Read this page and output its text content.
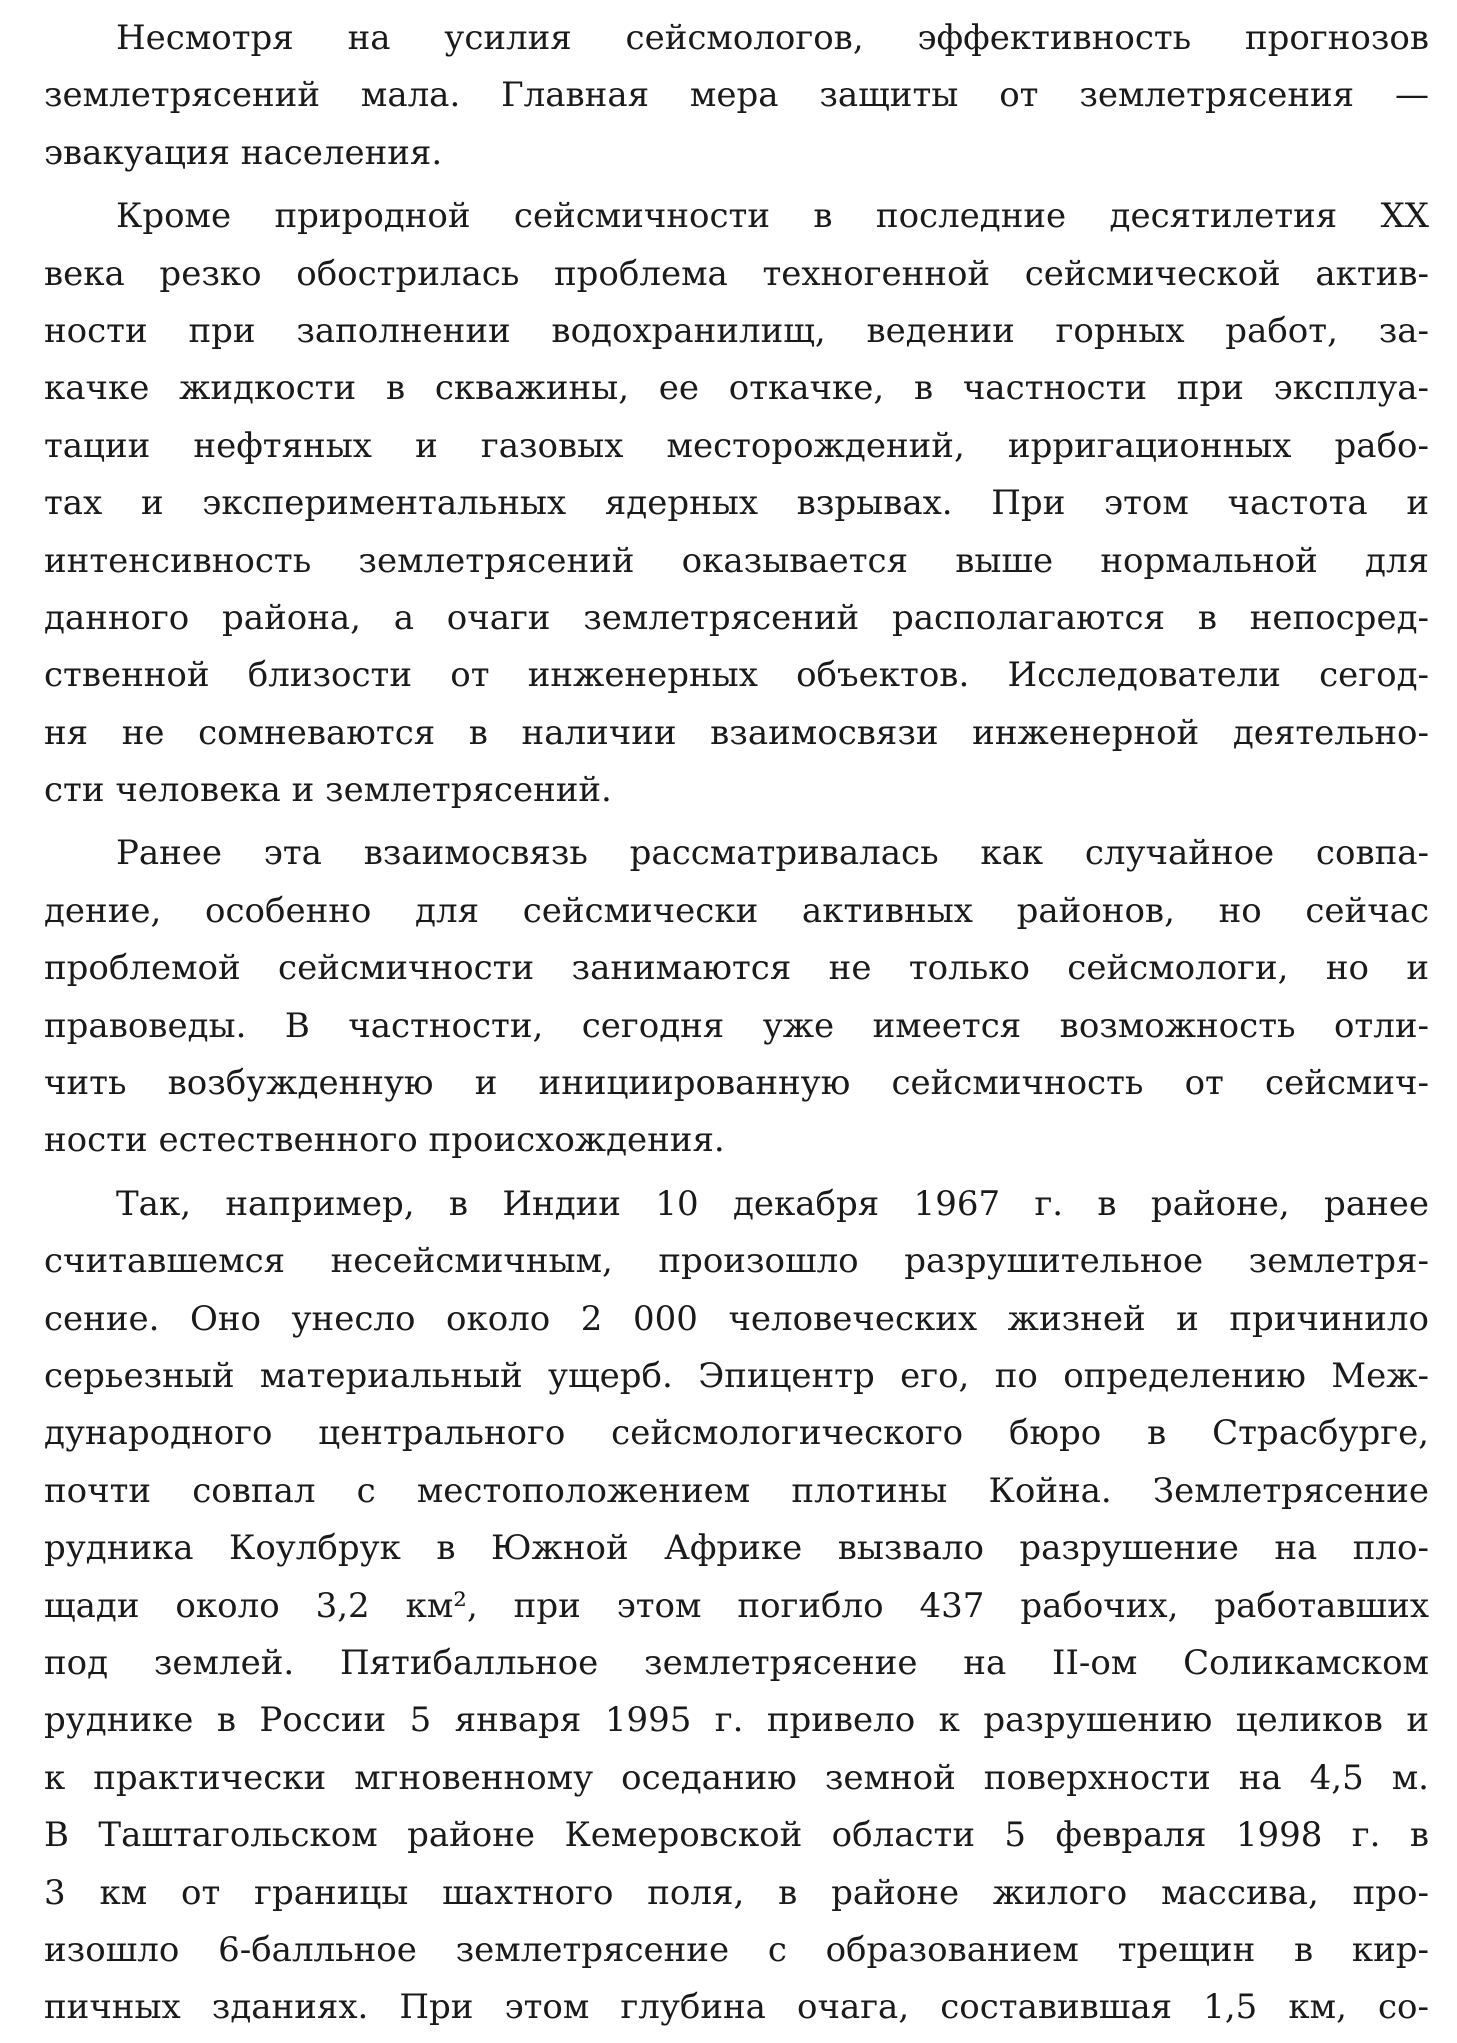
Несмотря на усилия сейсмологов, эффективность прогнозов
землетрясений мала. Главная мера защиты от землетрясения —
эвакуация населения.
Кроме природной сейсмичности в последние десятилетия XX
века резко обострилась проблема техногенной сейсмической актив-
ности при заполнении водохранилищ, ведении горных работ, за-
качке жидкости в скважины, ее откачке, в частности при эксплуа-
тации нефтяных и газовых месторождений, ирригационных рабо-
тах и экспериментальных ядерных взрывах. При этом частота и
интенсивность землетрясений оказывается выше нормальной для
данного района, а очаги землетрясений располагаются в непосред-
ственной близости от инженерных объектов. Исследователи сегод-
ня не сомневаются в наличии взаимосвязи инженерной деятельно-
сти человека и землетрясений.
Ранее эта взаимосвязь рассматривалась как случайное совпа-
дение, особенно для сейсмически активных районов, но сейчас
проблемой сейсмичности занимаются не только сейсмологи, но и
правоведы. В частности, сегодня уже имеется возможность отли-
чить возбужденную и инициированную сейсмичность от сейсмич-
ности естественного происхождения.
Так, например, в Индии 10 декабря 1967 г. в районе, ранее
считавшемся несейсмичным, произошло разрушительное землетря-
сение. Оно унесло около 2 000 человеческих жизней и причинило
серьезный материальный ущерб. Эпицентр его, по определению Меж-
дународного центрального сейсмологического бюро в Страсбурге,
почти совпал с местоположением плотины Койна. Землетрясение
рудника Коулбрук в Южной Африке вызвало разрушение на пло-
щади около 3,2 км², при этом погибло 437 рабочих, работавших
под землей. Пятибалльное землетрясение на II-ом Соликамском
руднике в России 5 января 1995 г. привело к разрушению целиков и
к практически мгновенному оседанию земной поверхности на 4,5 м.
В Таштагольском районе Кемеровской области 5 февраля 1998 г. в
3 км от границы шахтного поля, в районе жилого массива, про-
изошло 6-балльное землетрясение с образованием трещин в кир-
пичных зданиях. При этом глубина очага, составившая 1,5 км, со-
